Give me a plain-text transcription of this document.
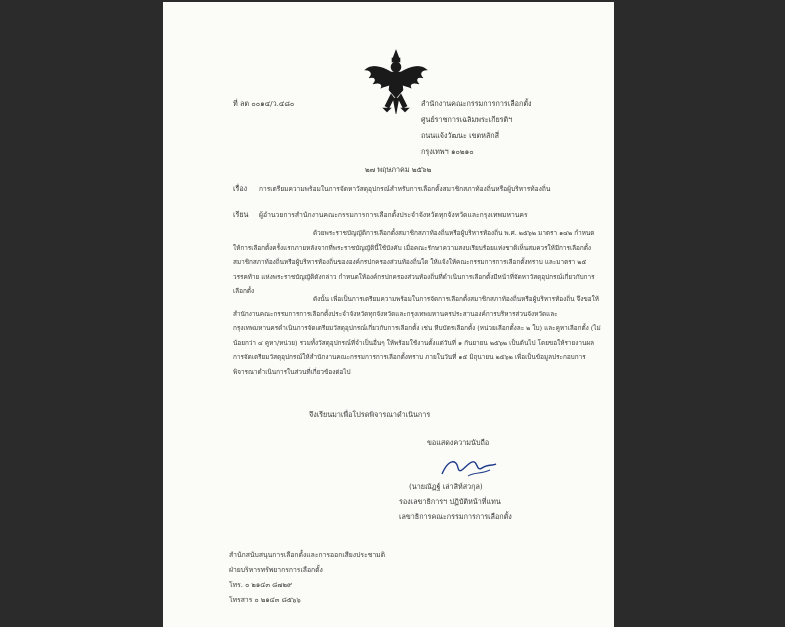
ที่ ลต ๐๐๑๔/ว.๔๘๐	สำนักงานคณะกรรมการการเลือกตั้ง
ศูนย์ราชการเฉลิมพระเกียรติฯ
ถนนแจ้งวัฒนะ เขตหลักสี่
กรุงเทพฯ ๑๐๒๑๐
๒๗ พฤษภาคม ๒๕๖๒
เรื่อง การเตรียมความพร้อมในการจัดหาวัสดุอุปกรณ์สำหรับการเลือกตั้งสมาชิกสภาท้องถิ่นหรือผู้บริหารท้องถิ่น
เรียน ผู้อำนวยการสำนักงานคณะกรรมการการเลือกตั้งประจำจังหวัดทุกจังหวัดและกรุงเทพมหานคร
ด้วยพระราชบัญญัติการเลือกตั้งสมาชิกสภาท้องถิ่นหรือผู้บริหารท้องถิ่น พ.ศ. ๒๕๖๒ มาตรา ๑๔๒ กำหนดให้การเลือกตั้งครั้งแรกภายหลังจากที่พระราชบัญญัตินี้ใช้บังคับ เมื่อคณะรักษาความสงบเรียบร้อยแห่งชาติเห็นสมควรให้มีการเลือกตั้งสมาชิกสภาท้องถิ่นหรือผู้บริหารท้องถิ่นขององค์กรปกครองส่วนท้องถิ่นใด ให้แจ้งให้คณะกรรมการการเลือกตั้งทราบ และมาตรา ๒๕ วรรคท้าย แห่งพระราชบัญญัติดังกล่าว กำหนดให้องค์กรปกครองส่วนท้องถิ่นที่ดำเนินการเลือกตั้งมีหน้าที่จัดหาวัสดุอุปกรณ์เกี่ยวกับการเลือกตั้ง
ดังนั้น เพื่อเป็นการเตรียมความพร้อมในการจัดการเลือกตั้งสมาชิกสภาท้องถิ่นหรือผู้บริหารท้องถิ่น จึงขอให้สำนักงานคณะกรรมการการเลือกตั้งประจำจังหวัดทุกจังหวัดและกรุงเทพมหานครประสานองค์การบริหารส่วนจังหวัดและกรุงเทพมหานครดำเนินการจัดเตรียมวัสดุอุปกรณ์เกี่ยวกับการเลือกตั้ง เช่น หีบบัตรเลือกตั้ง (หน่วยเลือกตั้งละ ๒ ใบ) และคูหาเลือกตั้ง (ไม่น้อยกว่า ๔ คูหา/หน่วย) รวมทั้งวัสดุอุปกรณ์ที่จำเป็นอื่นๆ ให้พร้อมใช้งานตั้งแต่วันที่ ๑ กันยายน ๒๕๖๒ เป็นต้นไป โดยขอให้รายงานผลการจัดเตรียมวัสดุอุปกรณ์ให้สำนักงานคณะกรรมการการเลือกตั้งทราบ ภายในวันที่ ๑๕ มิถุนายน ๒๕๖๒ เพื่อเป็นข้อมูลประกอบการพิจารณาดำเนินการในส่วนที่เกี่ยวข้องต่อไป
จึงเรียนมาเพื่อโปรดพิจารณาดำเนินการ
ขอแสดงความนับถือ
(นายณัฏฐ์ เล่าสิห์สวกุล)
รองเลขาธิการฯ ปฏิบัติหน้าที่แทน
เลขาธิการคณะกรรมการการเลือกตั้ง
สำนักสนับสนุนการเลือกตั้งและการออกเสียงประชามติ
ฝ่ายบริหารทรัพยากรการเลือกตั้ง
โทร. ๐ ๒๑๔๓ ๘๗๒๙
โทรสาร ๐ ๒๑๔๓ ๘๕๖๖
